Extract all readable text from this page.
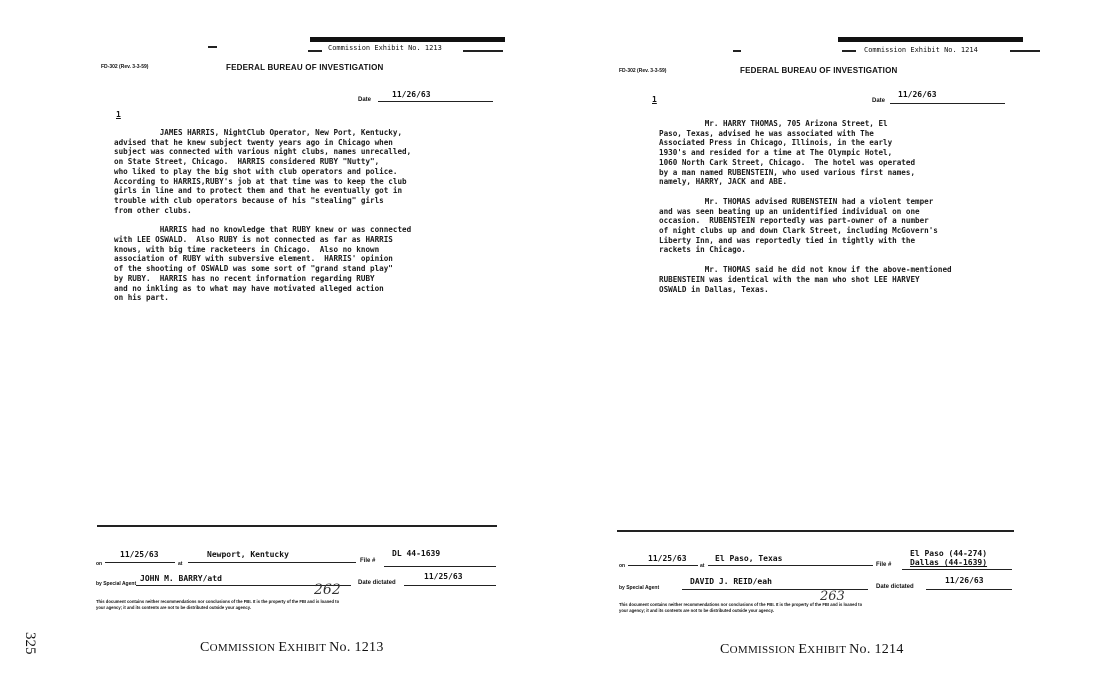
325
Commission Exhibit No. 1213
FD-302 (Rev. 3-3-59)	FEDERAL BUREAU OF INVESTIGATION
Date
11/26/63
1

JAMES HARRIS, NightClub Operator, New Port, Kentucky,
advised that he knew subject twenty years ago in Chicago when
subject was connected with various night clubs, names unrecalled,
on State Street, Chicago.  HARRIS considered RUBY "Nutty",
who liked to play the big shot with club operators and police.
According to HARRIS,RUBY's job at that time was to keep the club
girls in line and to protect them and that he eventually got in
trouble with club operators because of his "stealing" girls
from other clubs.

HARRIS had no knowledge that RUBY knew or was connected
with LEE OSWALD.  Also RUBY is not connected as far as HARRIS
knows, with big time racketeers in Chicago.  Also no known
association of RUBY with subversive element.  HARRIS' opinion
of the shooting of OSWALD was some sort of "grand stand play"
by RUBY.  HARRIS has no recent information regarding RUBY
and no inkling as to what may have motivated alleged action
on his part.

on
11/25/63
at
Newport, Kentucky
File #
DL 44-1639
by Special Agent
JOHN M. BARRY/atd	Date dictated
11/25/63
262
This document contains neither recommendations nor conclusions of the FBI. It is the property of the FBI and is loaned to
your agency; it and its contents are not to be distributed outside your agency.
COMMISSION EXHIBIT No. 1213
Commission Exhibit No. 1214
FD-302 (Rev. 3-3-59)	FEDERAL BUREAU OF INVESTIGATION
Date
11/26/63
1

Mr. HARRY THOMAS, 705 Arizona Street, El
Paso, Texas, advised he was associated with The
Associated Press in Chicago, Illinois, in the early
1930's and resided for a time at The Olympic Hotel,
1060 North Cark Street, Chicago.  The hotel was operated
by a man named RUBENSTEIN, who used various first names,
namely, HARRY, JACK and ABE.

Mr. THOMAS advised RUBENSTEIN had a violent temper
and was seen beating up an unidentified individual on one
occasion.  RUBENSTEIN reportedly was part-owner of a number
of night clubs up and down Clark Street, including McGovern's
Liberty Inn, and was reportedly tied in tightly with the
rackets in Chicago.

Mr. THOMAS said he did not know if the above-mentioned
RUBENSTEIN was identical with the man who shot LEE HARVEY
OSWALD in Dallas, Texas.

on
11/25/63
at
El Paso, Texas
File #
El Paso (44-274)
Dallas (44-1639)
by Special Agent
DAVID J. REID/eah
Date dictated
11/26/63
263
This document contains neither recommendations nor conclusions of the FBI. It is the property of the FBI and is loaned to
your agency; it and its contents are not to be distributed outside your agency.
COMMISSION EXHIBIT No. 1214
